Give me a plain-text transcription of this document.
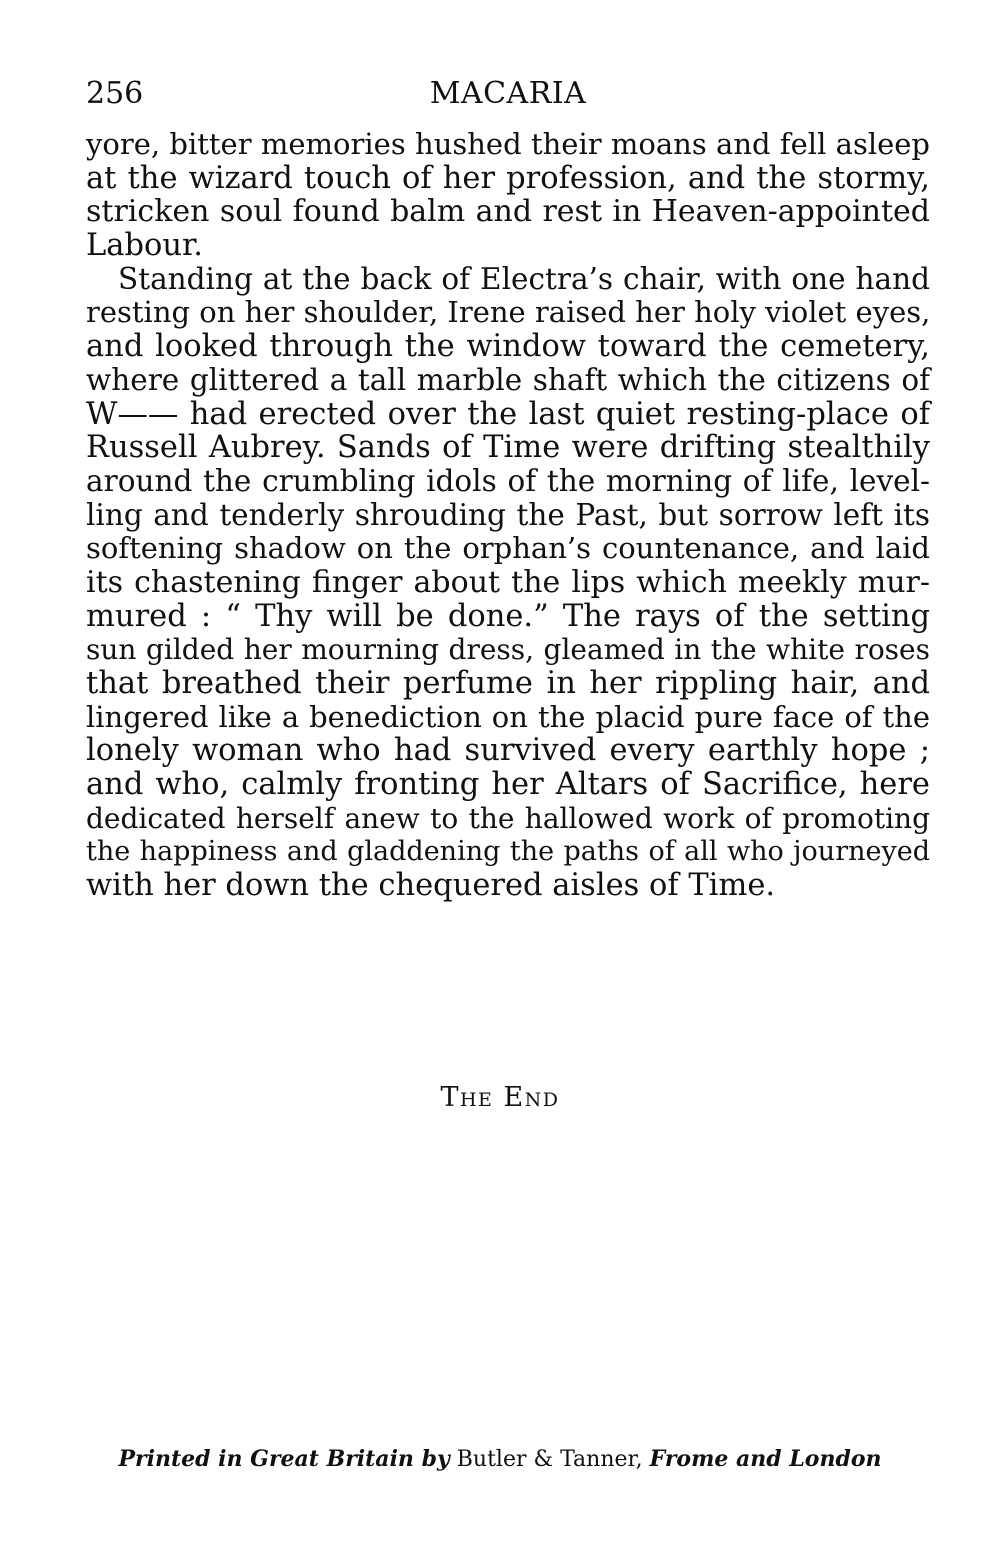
256	MACARIA
yore, bitter memories hushed their moans and fell asleep
at the wizard touch of her profession, and the stormy,
stricken soul found balm and rest in Heaven-appointed
Labour.
Standing at the back of Electra’s chair, with one hand
resting on her shoulder, Irene raised her holy violet eyes,
and looked through the window toward the cemetery,
where glittered a tall marble shaft which the citizens of
W—— had erected over the last quiet resting-place of
Russell Aubrey. Sands of Time were drifting stealthily
around the crumbling idols of the morning of life, level-
ling and tenderly shrouding the Past, but sorrow left its
softening shadow on the orphan’s countenance, and laid
its chastening finger about the lips which meekly mur-
mured : “ Thy will be done.” The rays of the setting
sun gilded her mourning dress, gleamed in the white roses
that breathed their perfume in her rippling hair, and
lingered like a benediction on the placid pure face of the
lonely woman who had survived every earthly hope ;
and who, calmly fronting her Altars of Sacrifice, here
dedicated herself anew to the hallowed work of promoting
the happiness and gladdening the paths of all who journeyed
with her down the chequered aisles of Time.
The End
Printed in Great Britain by Butler & Tanner, Frome and London
